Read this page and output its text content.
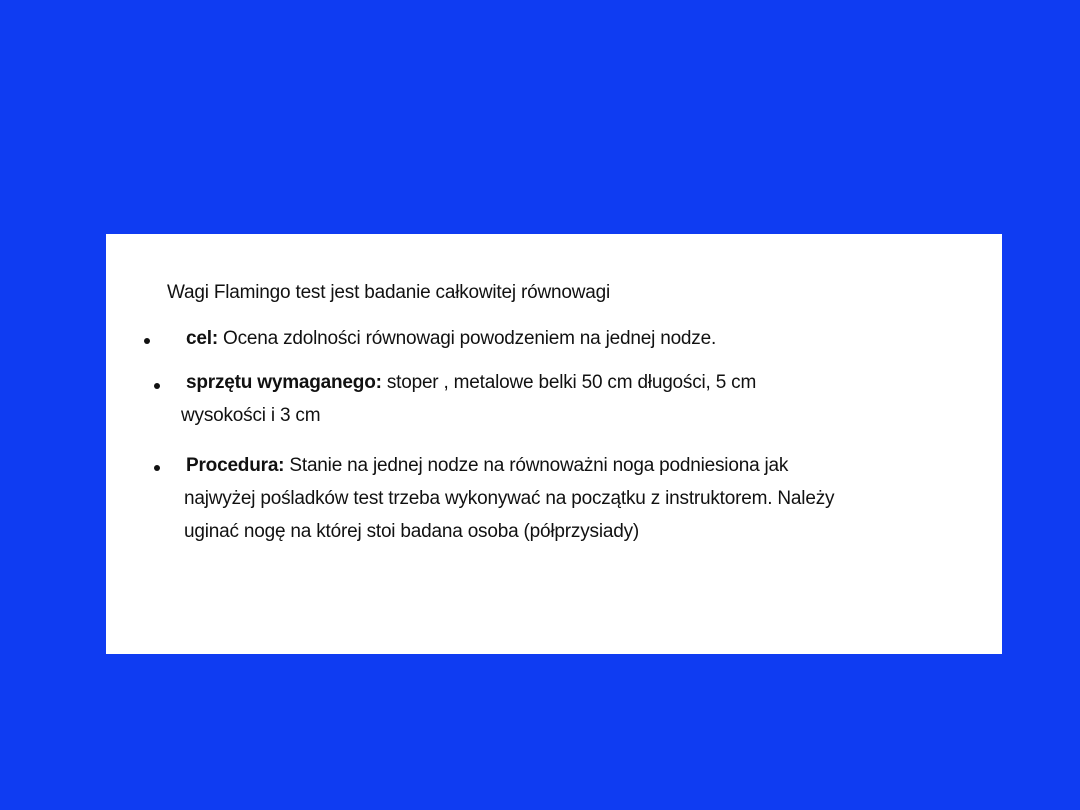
Wagi Flamingo test jest badanie całkowitej równowagi
cel: Ocena zdolności równowagi powodzeniem na jednej nodze.
sprzętu wymaganego: stoper , metalowe belki 50 cm długości, 5 cm
wysokości i 3 cm
Procedura: Stanie na jednej nodze na równoważni noga podniesiona jak
najwyżej pośladków test trzeba wykonywać na początku z instruktorem. Należy
uginać nogę na której stoi badana osoba (półprzysiady)
